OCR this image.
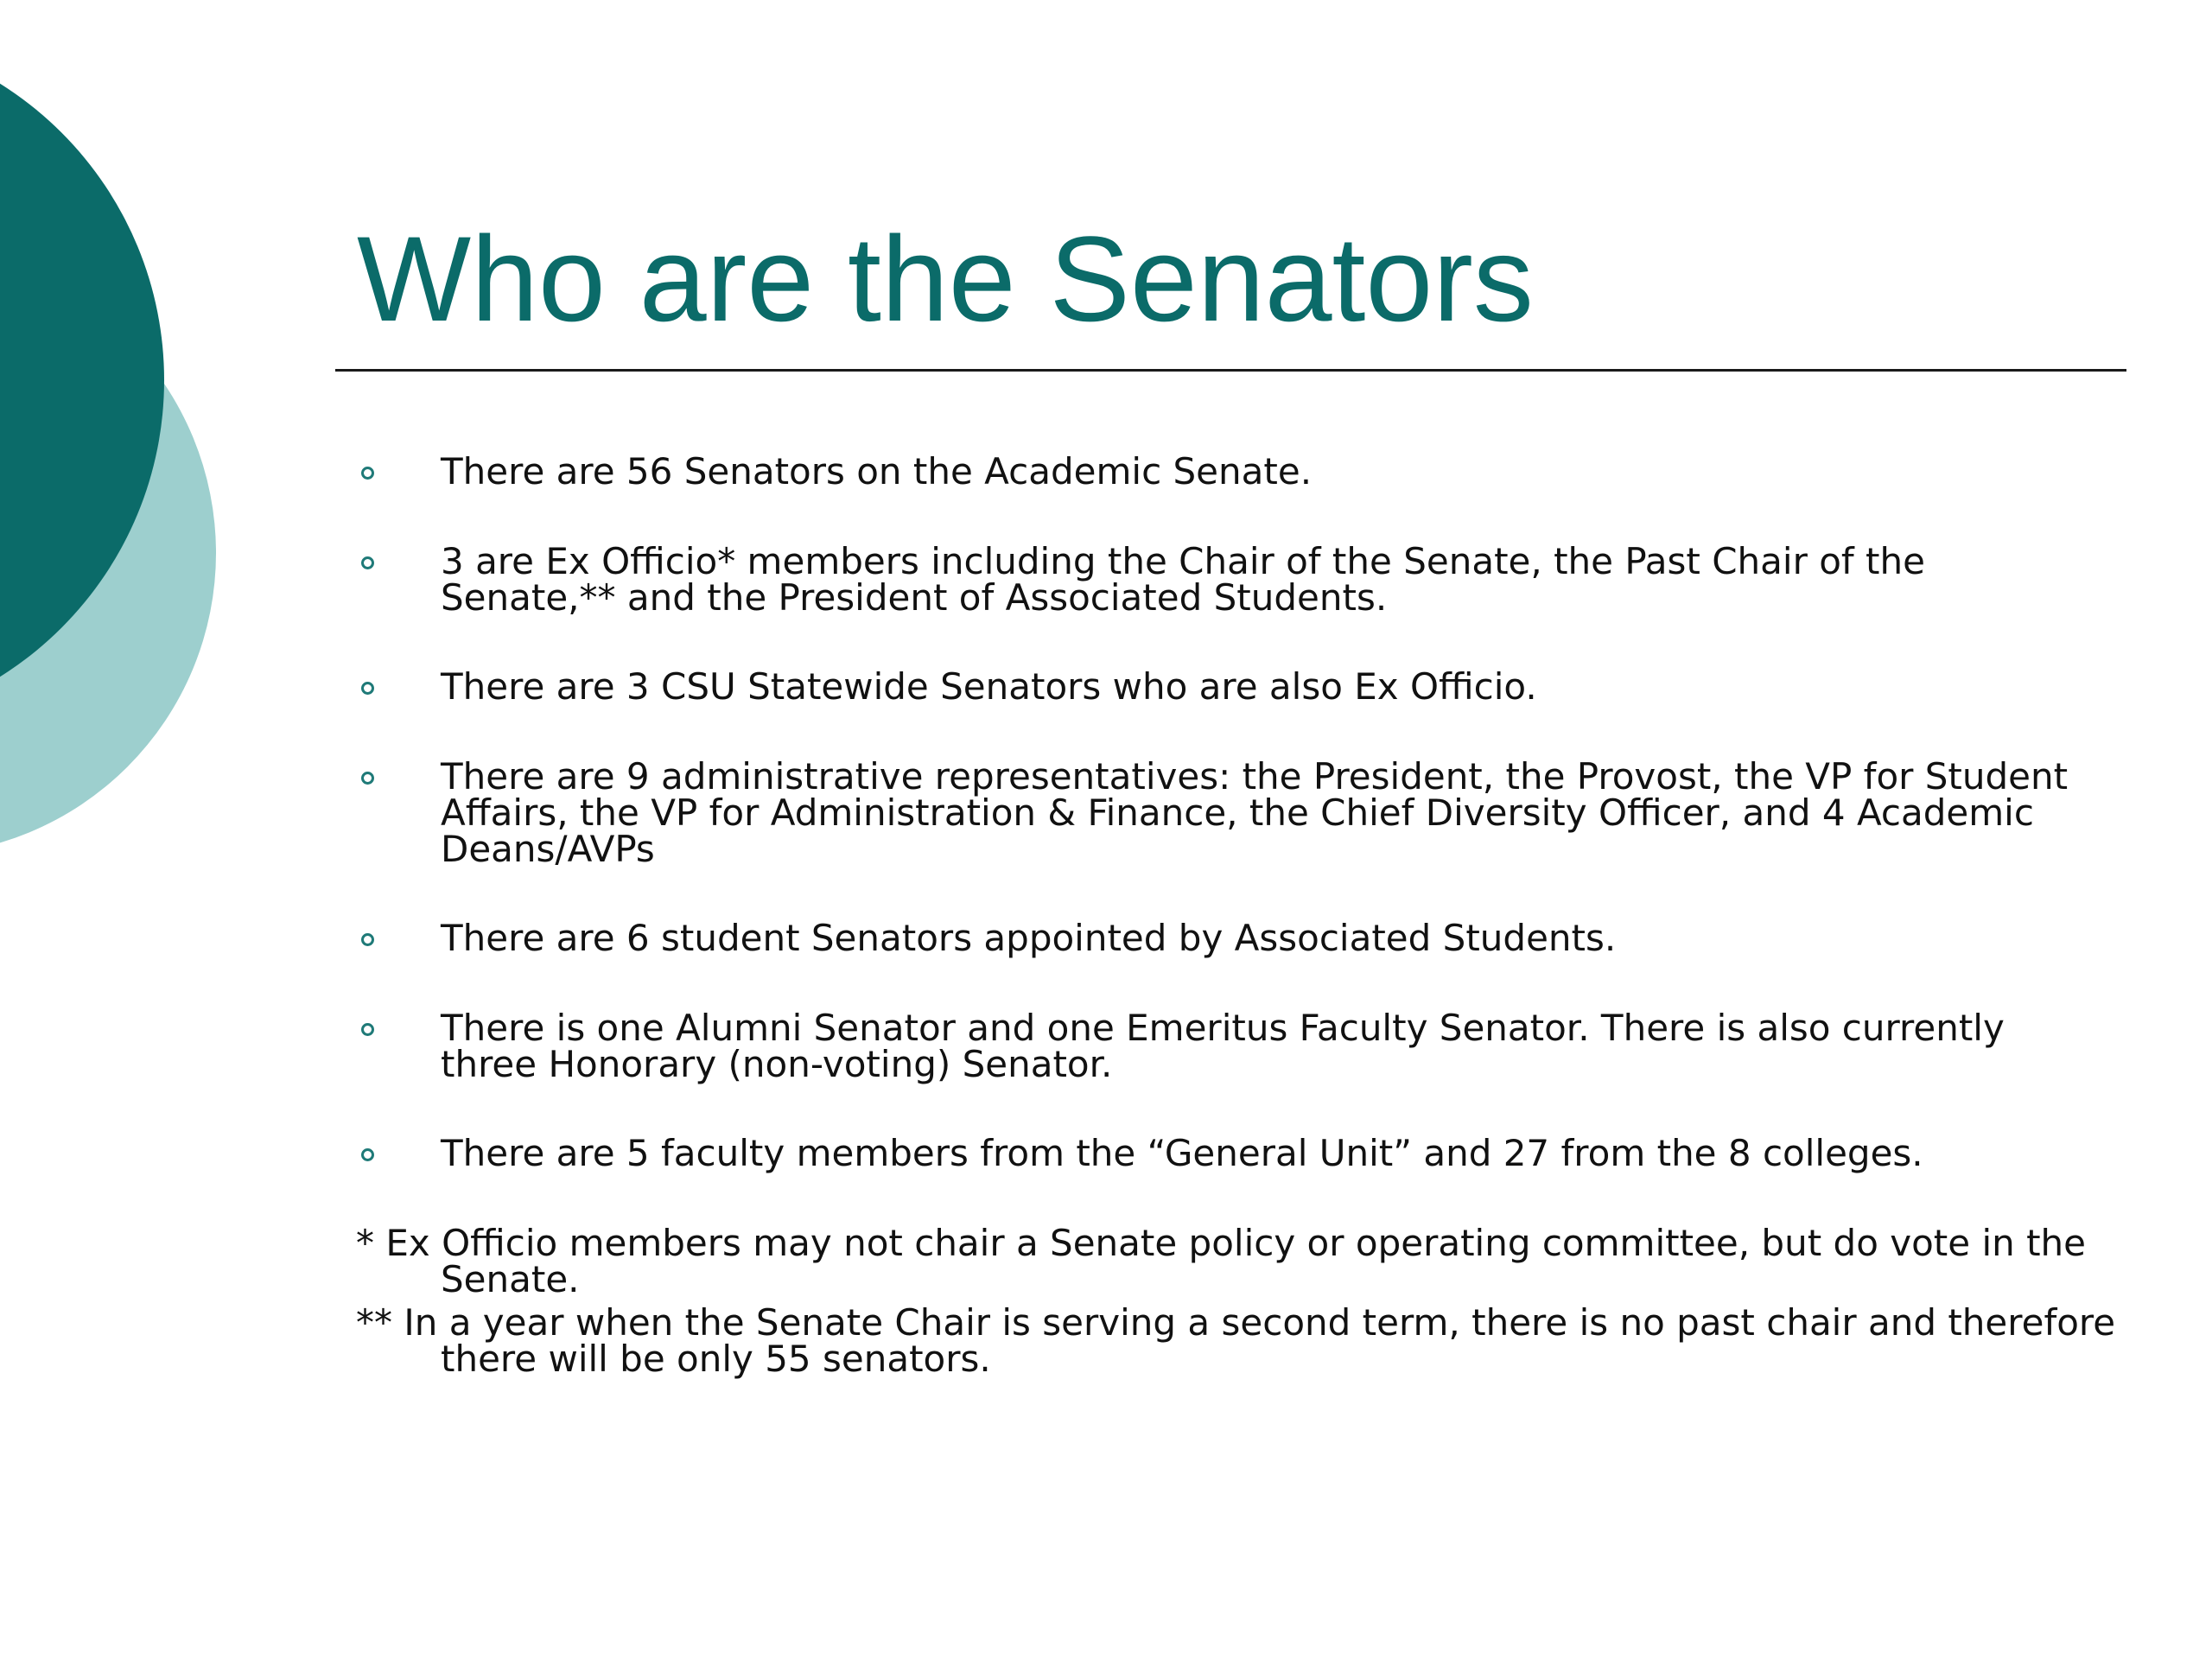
Who are the Senators
There are 56 Senators on the Academic Senate.
3 are Ex Officio* members including the Chair of the Senate, the Past Chair of the Senate,** and the President of Associated Students.
There are 3 CSU Statewide Senators who are also Ex Officio.
There are 9 administrative representatives: the President, the Provost, the VP for Student Affairs, the VP for Administration & Finance, the Chief Diversity Officer, and 4 Academic Deans/AVPs
There are 6 student Senators appointed by Associated Students.
There is one Alumni Senator and one Emeritus Faculty Senator. There is also currently three Honorary (non-voting) Senator.
There are 5 faculty members from the “General Unit” and 27 from the 8 colleges.

* Ex Officio members may not chair a Senate policy or operating committee, but do vote in the Senate.

** In a year when the Senate Chair is serving a second term, there is no past chair and therefore there will be only 55 senators.
